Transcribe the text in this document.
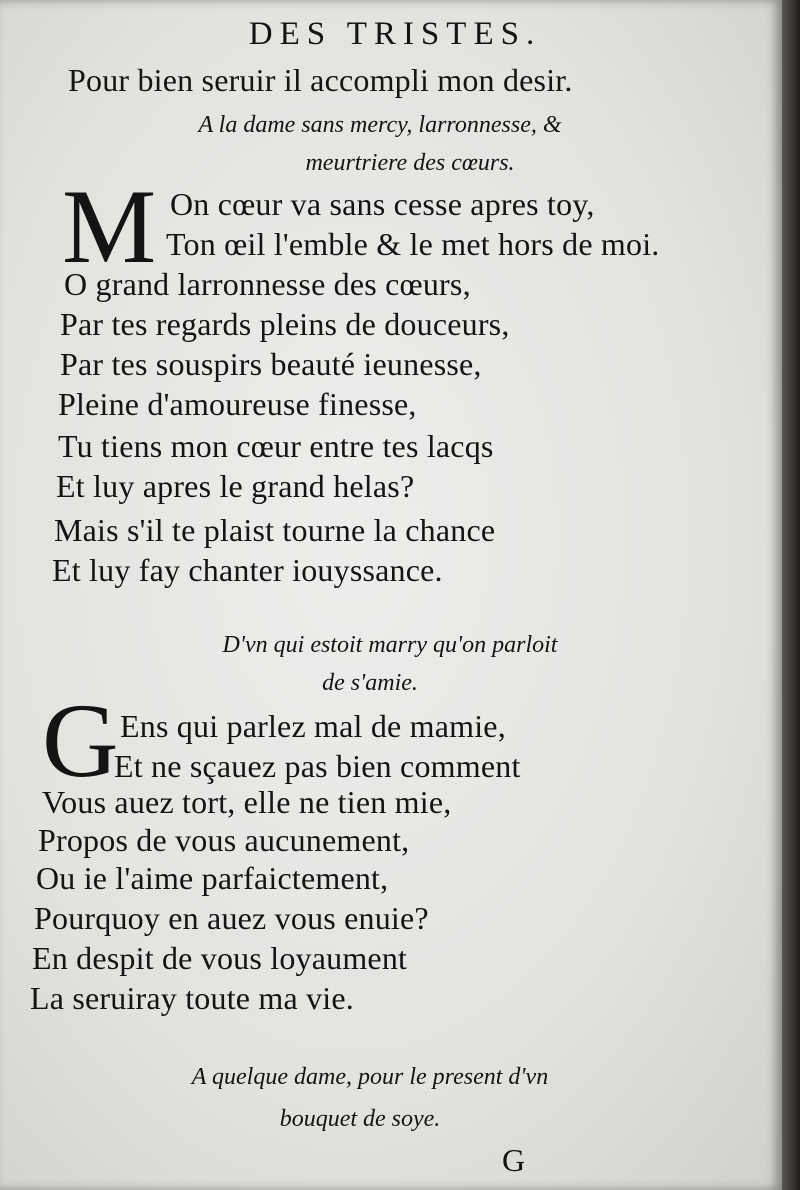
DES TRISTES.
Pour bien seruir il accompli mon desir.
A la dame sans mercy, larronnesse, &
meurtriere des cœurs.
M On cœur va sans cesse apres toy,
Ton œil l'emble & le met hors de moi.
O grand larronnesse des cœurs,
Par tes regards pleins de douceurs,
Par tes souspirs beauté ieunesse,
Pleine d'amoureuse finesse,
Tu tiens mon cœur entre tes lacqs
Et luy apres le grand helas?
Mais s'il te plaist tourne la chance
Et luy fay chanter iouyssance.
D'vn qui estoit marry qu'on parloit
de s'amie.
G Ens qui parlez mal de mamie,
Et ne sçauez pas bien comment
Vous auez tort, elle ne tien mie,
Propos de vous aucunement,
Ou ie l'aime parfaictement,
Pourquoy en auez vous enuie?
En despit de vous loyaument
La seruiray toute ma vie.
A quelque dame, pour le present d'vn
bouquet de soye.
G
